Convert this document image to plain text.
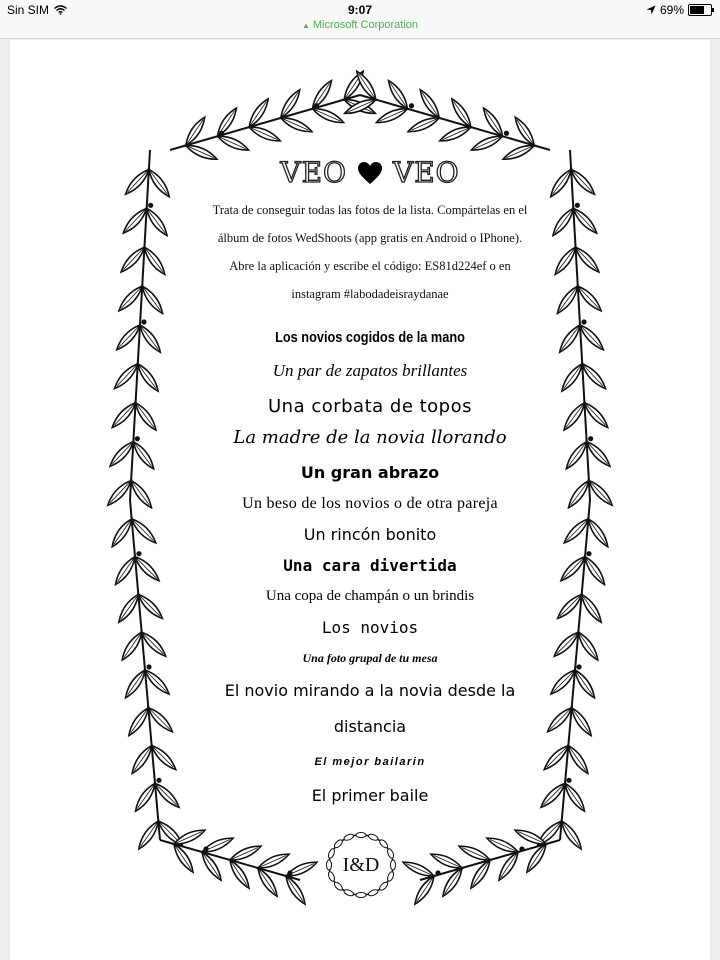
Sin SIM	9:07
▲ Microsoft Corporation
69%
VEO VEO
Trata de conseguir todas las fotos de la lista. Compártelas en el álbum de fotos WedShoots (app gratis en Android o IPhone). Abre la aplicación y escribe el código: ES81d224ef o en instagram #labodadeisraydanae
Los novios cogidos de la mano
Un par de zapatos brillantes
Una corbata de topos
La madre de la novia llorando
Un gran abrazo
Un beso de los novios o de otra pareja
Un rincón bonito
Una cara divertida
Una copa de champán o un brindis
Los novios
Una foto grupal de tu mesa
El novio mirando a la novia desde la
distancia
El mejor bailarin
El primer baile
I&D
